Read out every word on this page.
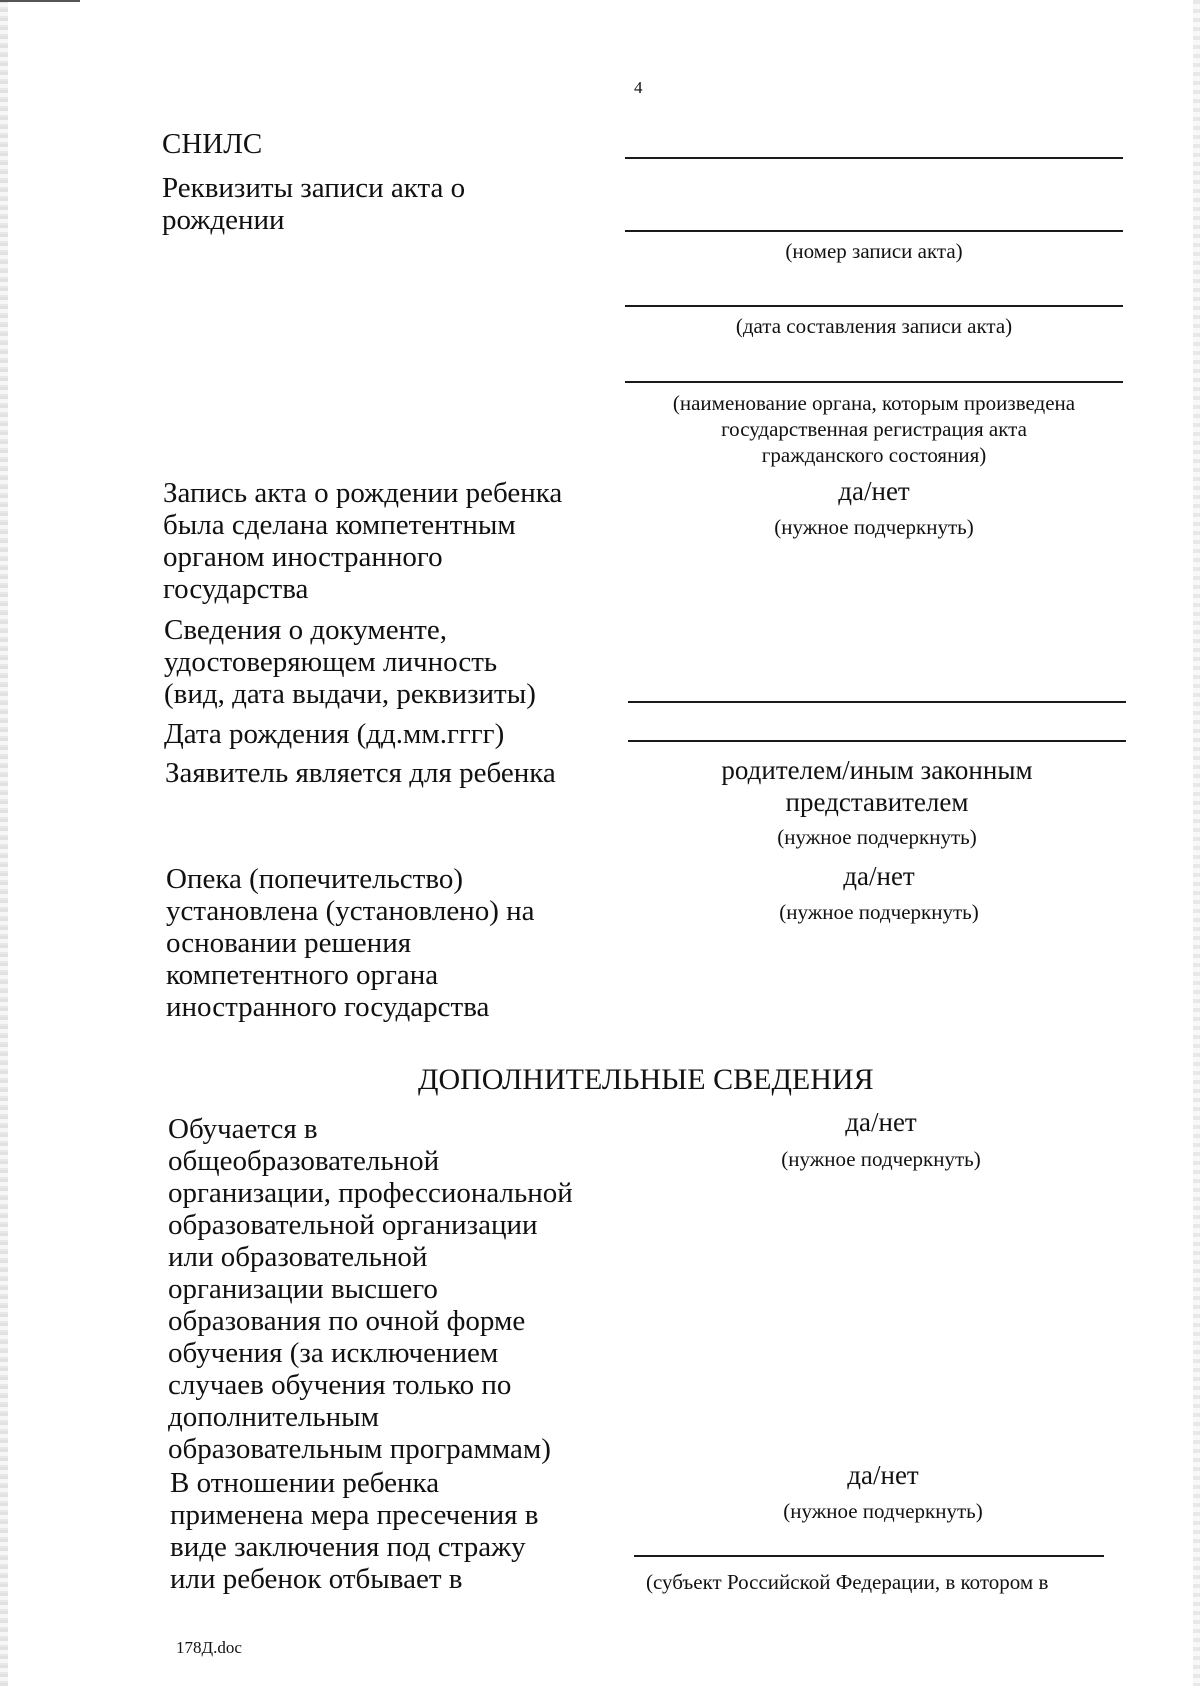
4
СНИЛС
Реквизиты записи акта о
рождении
(номер записи акта)
(дата составления записи акта)
(наименование органа, которым произведена
государственная регистрация акта
гражданского состояния)
Запись акта о рождении ребенка
была сделана компетентным
органом иностранного
государства
да/нет
(нужное подчеркнуть)
Сведения о документе,
удостоверяющем личность
(вид, дата выдачи, реквизиты)
Дата рождения (дд.мм.гггг)
Заявитель является для ребенка	родителем/иным законным
представителем
(нужное подчеркнуть)
Опека (попечительство)
установлена (установлено) на
основании решения
компетентного органа
иностранного государства
да/нет
(нужное подчеркнуть)
ДОПОЛНИТЕЛЬНЫЕ СВЕДЕНИЯ
Обучается в
общеобразовательной
организации, профессиональной
образовательной организации
или образовательной
организации высшего
образования по очной форме
обучения (за исключением
случаев обучения только по
дополнительным
образовательным программам)
да/нет
(нужное подчеркнуть)
В отношении ребенка
применена мера пресечения в
виде заключения под стражу
или ребенок отбывает в
да/нет
(нужное подчеркнуть)
(субъект Российской Федерации, в котором в
178Д.doc
